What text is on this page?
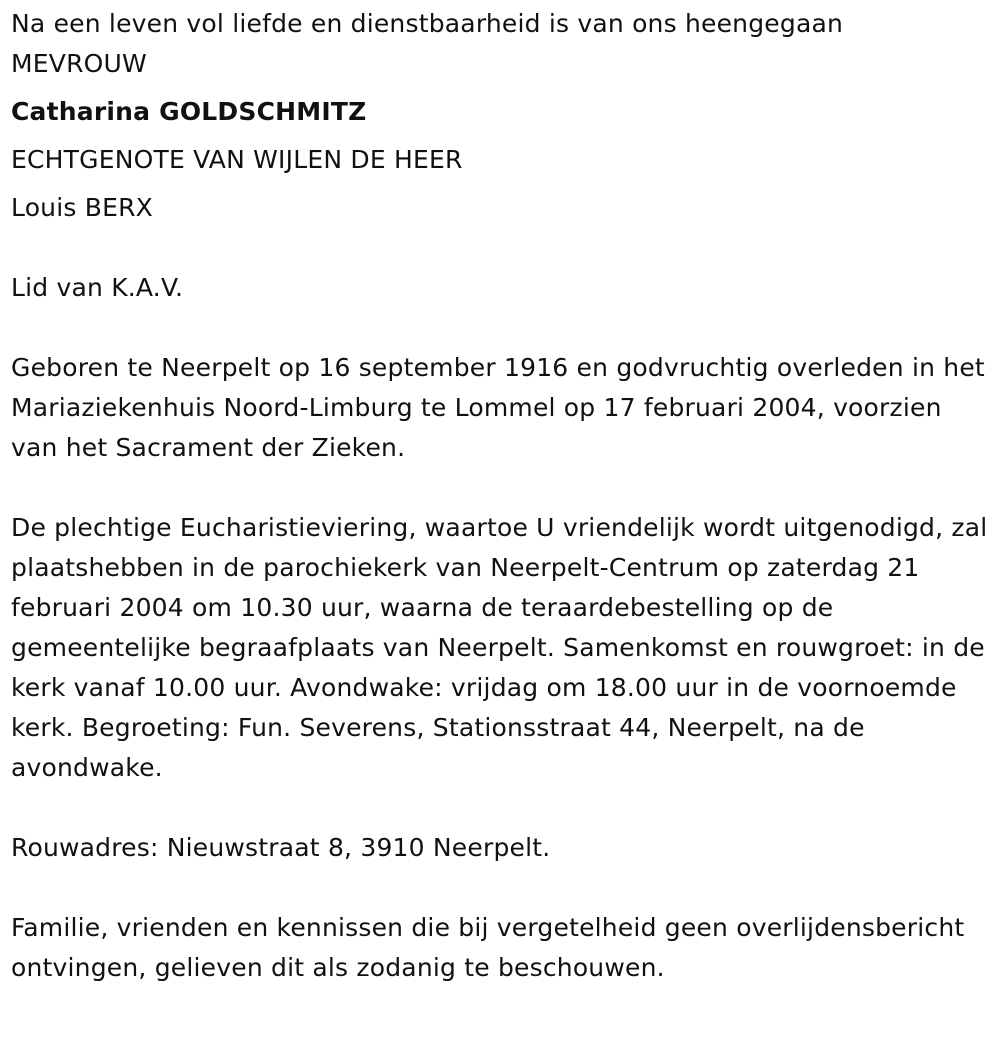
Na een leven vol liefde en dienstbaarheid is van ons heengegaan

MEVROUW

Catharina GOLDSCHMITZ

ECHTGENOTE VAN WIJLEN DE HEER

Louis BERX

Lid van K.A.V.

Geboren te Neerpelt op 16 september 1916 en godvruchtig overleden in het Mariaziekenhuis Noord-Limburg te Lommel op 17 februari 2004, voorzien van het Sacrament der Zieken.

De plechtige Eucharistieviering, waartoe U vriendelijk wordt uitgenodigd, zal plaatshebben in de parochiekerk van Neerpelt-Centrum op zaterdag 21 februari 2004 om 10.30 uur, waarna de teraardebestelling op de gemeentelijke begraafplaats van Neerpelt. Samenkomst en rouwgroet: in de kerk vanaf 10.00 uur. Avondwake: vrijdag om 18.00 uur in de voornoemde kerk. Begroeting: Fun. Severens, Stationsstraat 44, Neerpelt, na de avondwake.

Rouwadres: Nieuwstraat 8, 3910 Neerpelt.

Familie, vrienden en kennissen die bij vergetelheid geen overlijdensbericht ontvingen, gelieven dit als zodanig te beschouwen.
